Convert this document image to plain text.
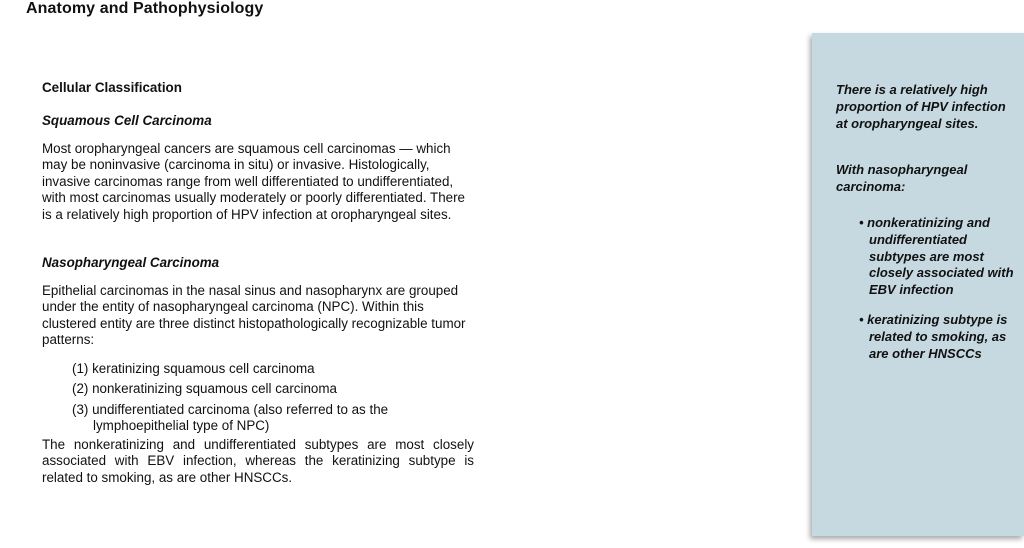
Anatomy and Pathophysiology
Cellular Classification
Squamous Cell Carcinoma
Most oropharyngeal cancers are squamous cell carcinomas — which may be noninvasive (carcinoma in situ) or invasive. Histologically, invasive carcinomas range from well differentiated to undifferentiated, with most carcinomas usually moderately or poorly differentiated. There is a relatively high proportion of HPV infection at oropharyngeal sites.
Nasopharyngeal Carcinoma
Epithelial carcinomas in the nasal sinus and nasopharynx are grouped under the entity of nasopharyngeal carcinoma (NPC). Within this clustered entity are three distinct histopathologically recognizable tumor patterns:
(1) keratinizing squamous cell carcinoma
(2) nonkeratinizing squamous cell carcinoma
(3) undifferentiated carcinoma (also referred to as the lymphoepithelial type of NPC)
The nonkeratinizing and undifferentiated subtypes are most closely associated with EBV infection, whereas the keratinizing subtype is related to smoking, as are other HNSCCs.
There is a relatively high proportion of HPV infection at oropharyngeal sites.
With nasopharyngeal carcinoma:
• nonkeratinizing and undifferentiated subtypes are most closely associated with EBV infection
• keratinizing subtype is related to smoking, as are other HNSCCs
